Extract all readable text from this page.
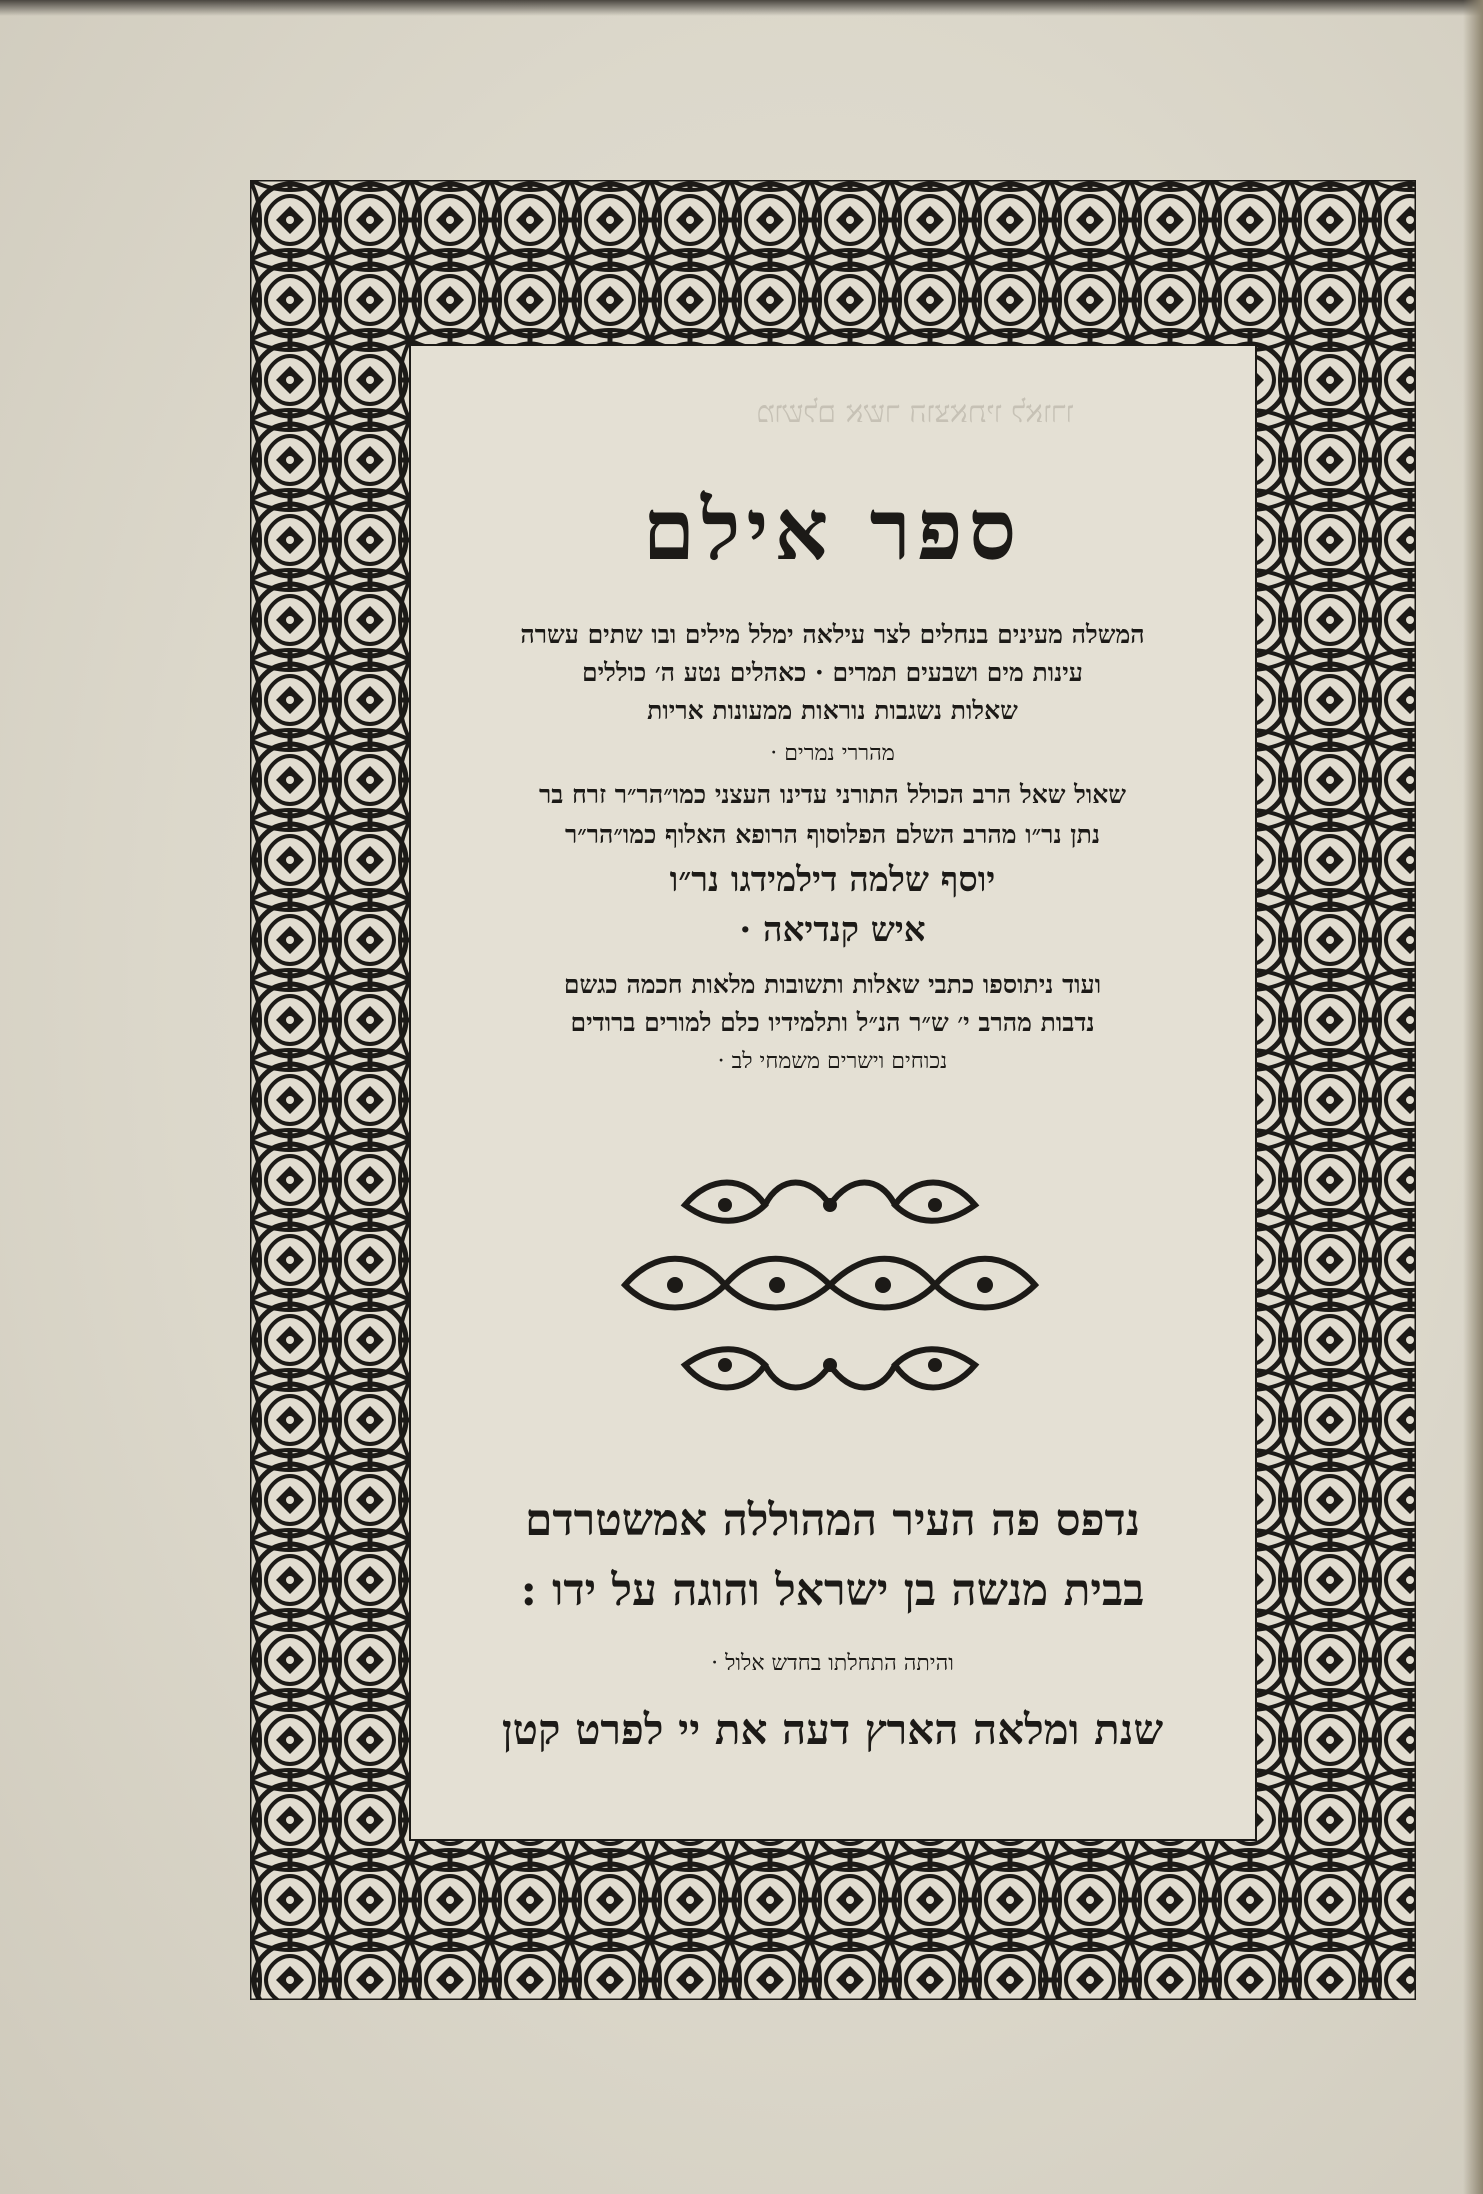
מושלם אשר הוצאתיו לאורו
ספר אילם
המשלה מעינים בנחלים לצר עילאה ימלל מילים ובו שתים עשרה
עינות מים ושבעים תמרים · כאהלים נטע ה׳ כוללים
שאלות נשגבות נוראות ממעונות אריות
מהררי נמרים ·
שאול שאל הרב הכולל התורני עדינו העצני כמו״הר״ר זרח בר
נתן נר״ו מהרב השלם הפלוסוף הרופא האלוף כמו״הר״ר
יוסף שלמה דילמידגו נר״ו
איש קנדיאה ·
ועוד ניתוספו כתבי שאלות ותשובות מלאות חכמה כגשם
נדבות מהרב י׳ ש״ר הנ״ל ותלמידיו כלם למורים ברודים
נכוחים וישרים משמחי לב ·
נדפס פה העיר המהוללה אמשטרדם
בבית מנשה בן ישראל והוגה על ידו :
והיתה התחלתו בחדש אלול ·
שנת ומלאה הארץ דעה את יי לפרט קטן
